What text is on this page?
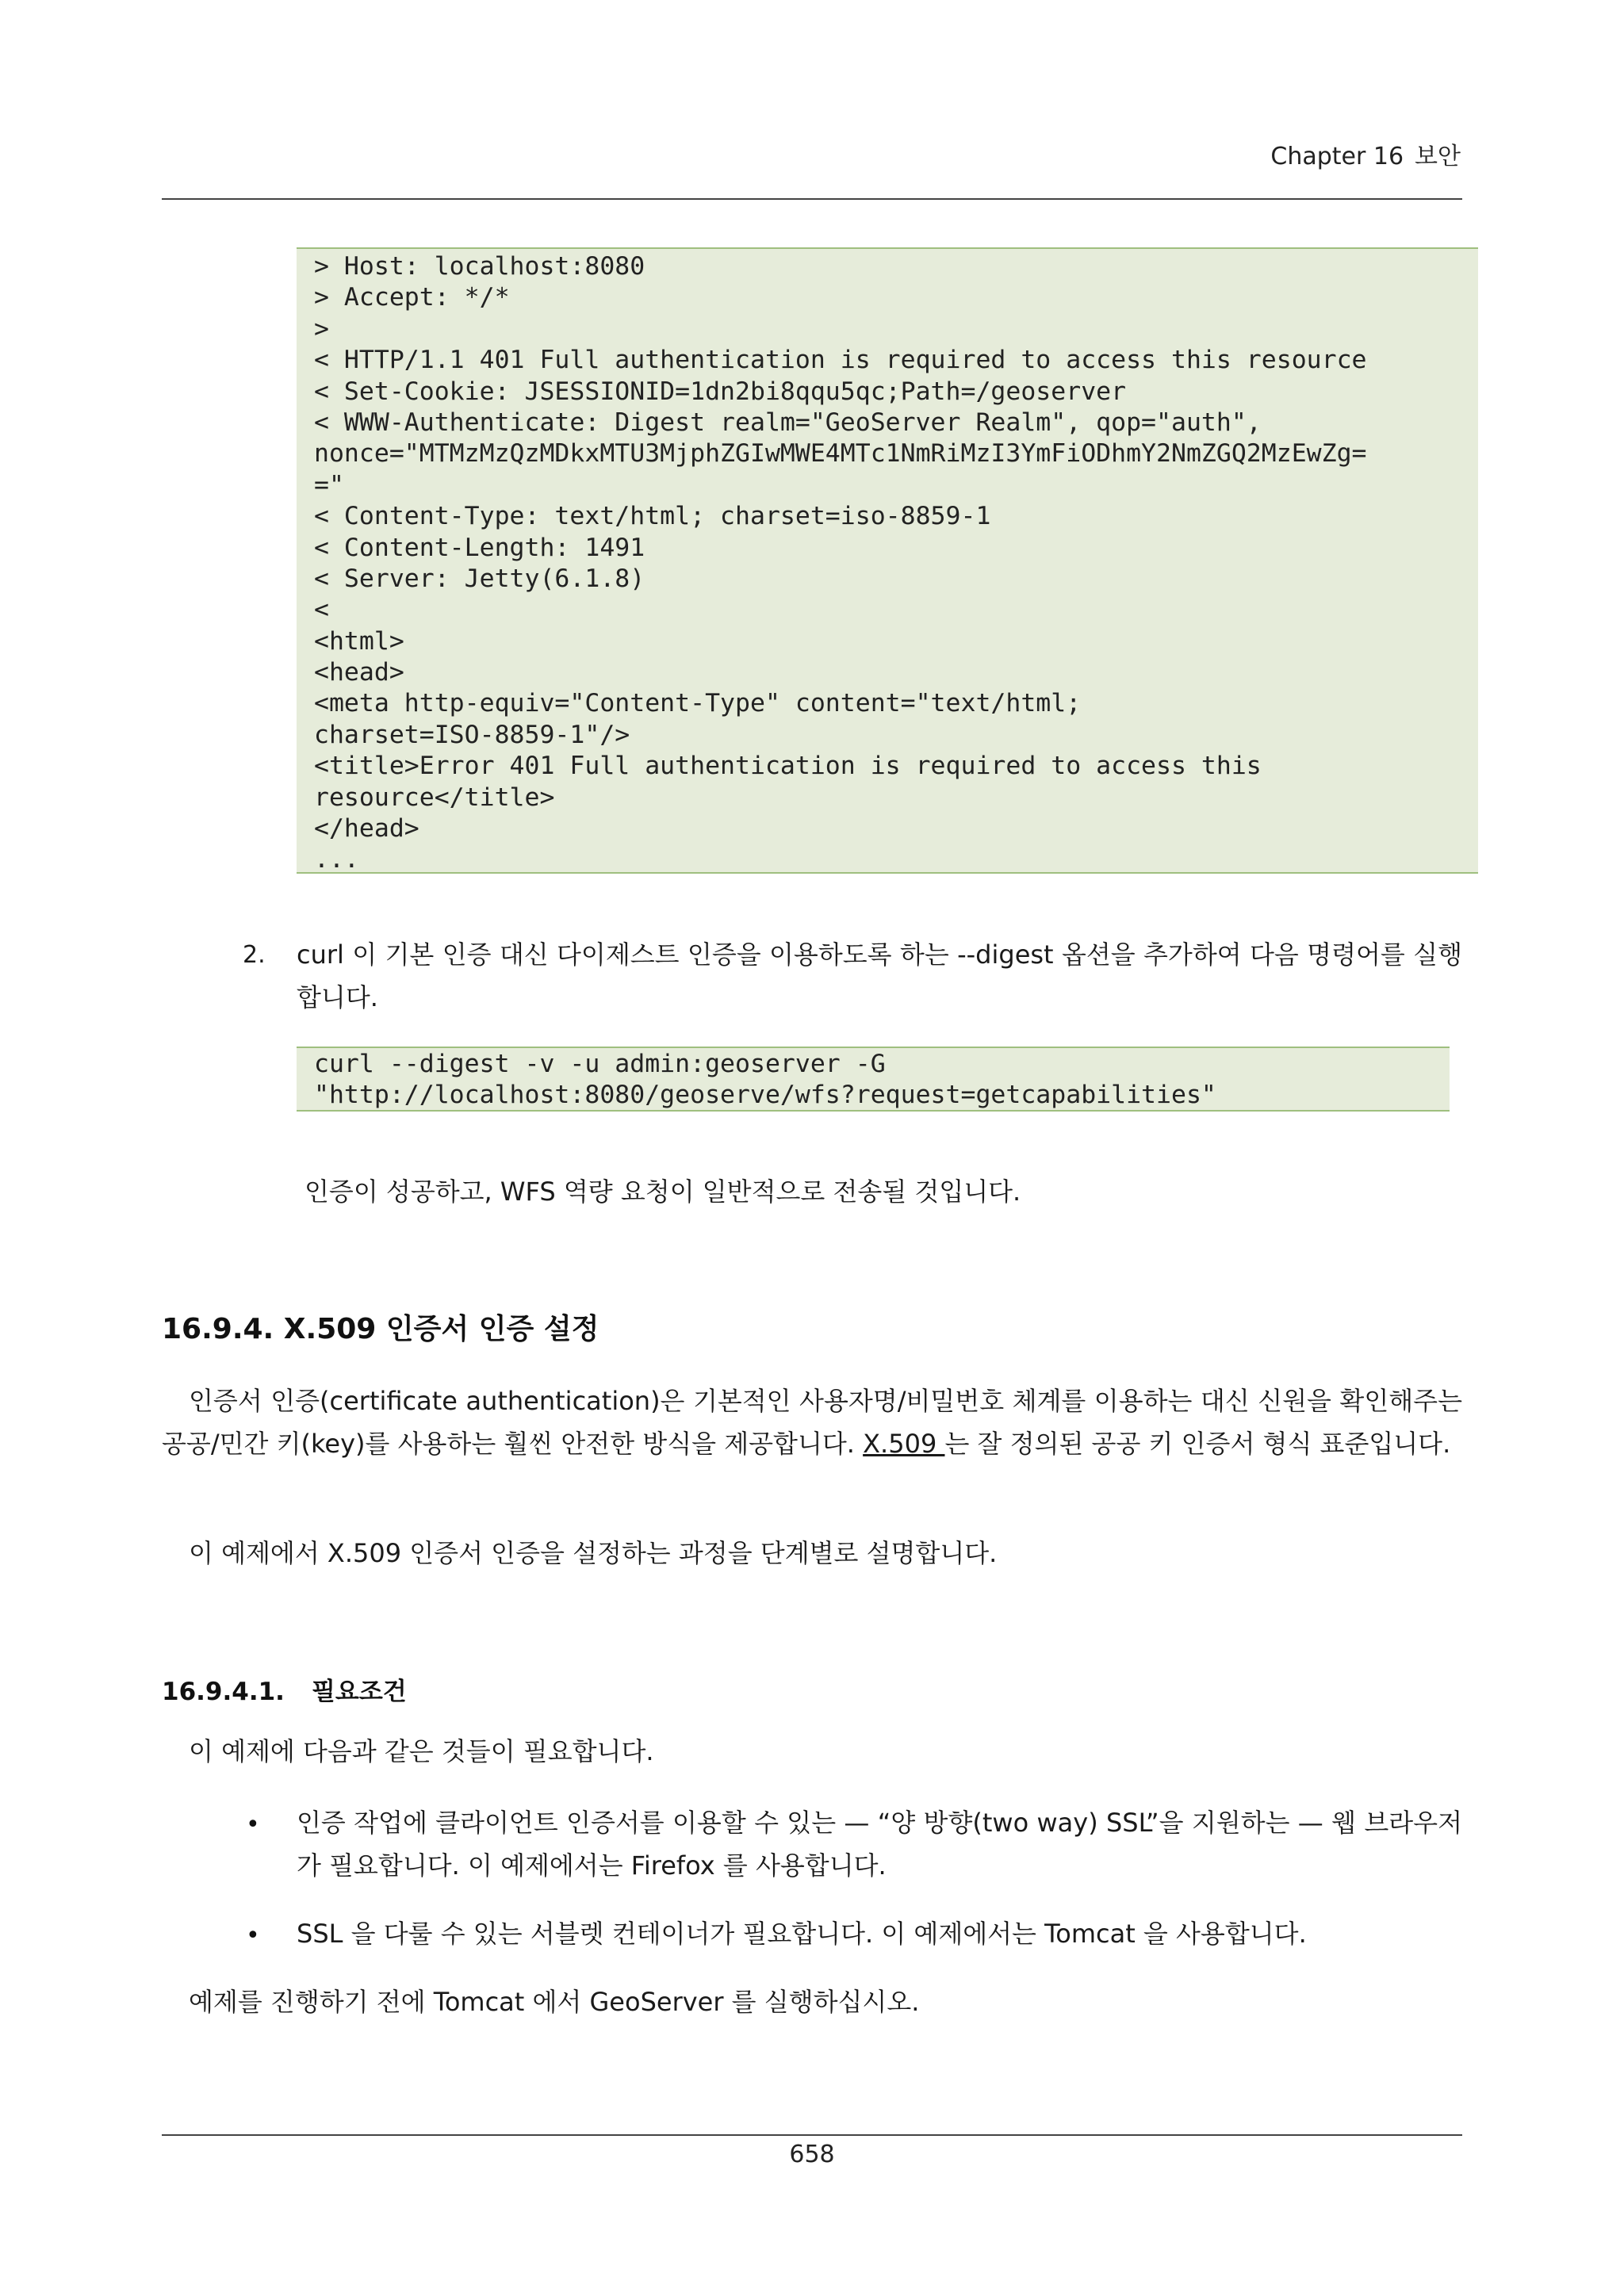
Chapter 16 보안
> Host: localhost:8080
> Accept: */*
>
< HTTP/1.1 401 Full authentication is required to access this resource
< Set-Cookie: JSESSIONID=1dn2bi8qqu5qc;Path=/geoserver
< WWW-Authenticate: Digest realm="GeoServer Realm", qop="auth",
nonce="MTMzMzQzMDkxMTU3MjphZGIwMWE4MTc1NmRiMzI3YmFiODhmY2NmZGQ2MzEwZg=
="
< Content-Type: text/html; charset=iso-8859-1
< Content-Length: 1491
< Server: Jetty(6.1.8)
<
<html>
<head>
<meta http-equiv="Content-Type" content="text/html;
charset=ISO-8859-1"/>
<title>Error 401 Full authentication is required to access this
resource</title>
</head>
...
2. curl 이 기본 인증 대신 다이제스트 인증을 이용하도록 하는 --digest 옵션을 추가하여 다음 명령어를 실행합니다.
curl --digest -v -u admin:geoserver -G
"http://localhost:8080/geoserve/wfs?request=getcapabilities"
인증이 성공하고, WFS 역량 요청이 일반적으로 전송될 것입니다.
16.9.4. X.509 인증서 인증 설정
인증서 인증(certificate authentication)은 기본적인 사용자명/비밀번호 체계를 이용하는 대신 신원을 확인해주는 공공/민간 키(key)를 사용하는 훨씬 안전한 방식을 제공합니다. X.509 는 잘 정의된 공공 키 인증서 형식 표준입니다.
이 예제에서 X.509 인증서 인증을 설정하는 과정을 단계별로 설명합니다.
16.9.4.1. 필요조건
이 예제에 다음과 같은 것들이 필요합니다.
• 인증 작업에 클라이언트 인증서를 이용할 수 있는 — “양 방향(two way) SSL”을 지원하는 — 웹 브라우저가 필요합니다. 이 예제에서는 Firefox 를 사용합니다.
• SSL 을 다룰 수 있는 서블렛 컨테이너가 필요합니다. 이 예제에서는 Tomcat 을 사용합니다.
예제를 진행하기 전에 Tomcat 에서 GeoServer 를 실행하십시오.
658
